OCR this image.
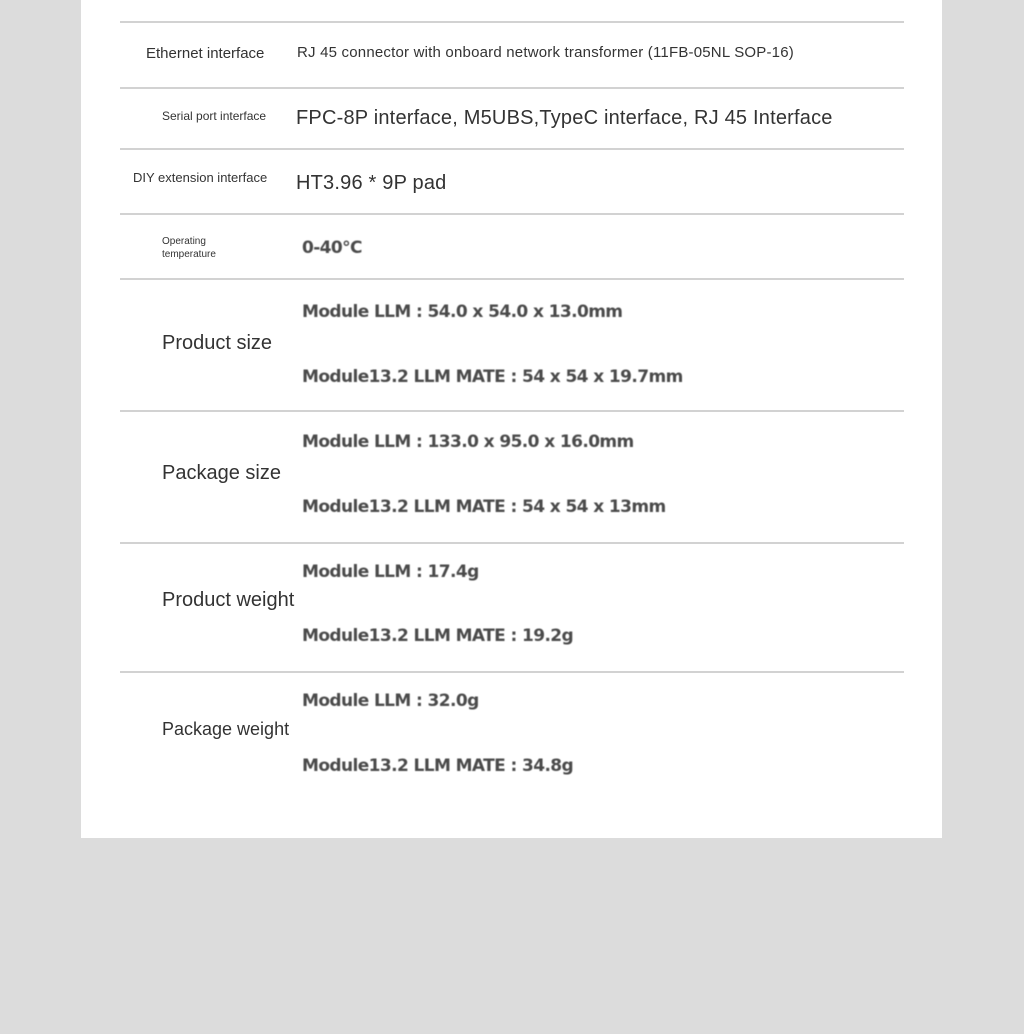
Ethernet interface RJ 45 connector with onboard network transformer (11FB-05NL SOP-16)
Serial port interface FPC-8P interface, M5UBS,TypeC interface, RJ 45 Interface
DIY extension interface HT3.96 * 9P pad
Operating
temperature	0-40°C
Product size
Module LLM : 54.0 x 54.0 x 13.0mm
Module13.2 LLM MATE : 54 x 54 x 19.7mm
Package size
Module LLM : 133.0 x 95.0 x 16.0mm
Module13.2 LLM MATE : 54 x 54 x 13mm
Product weight
Module LLM : 17.4g
Module13.2 LLM MATE : 19.2g
Package weight
Module LLM : 32.0g
Module13.2 LLM MATE : 34.8g
